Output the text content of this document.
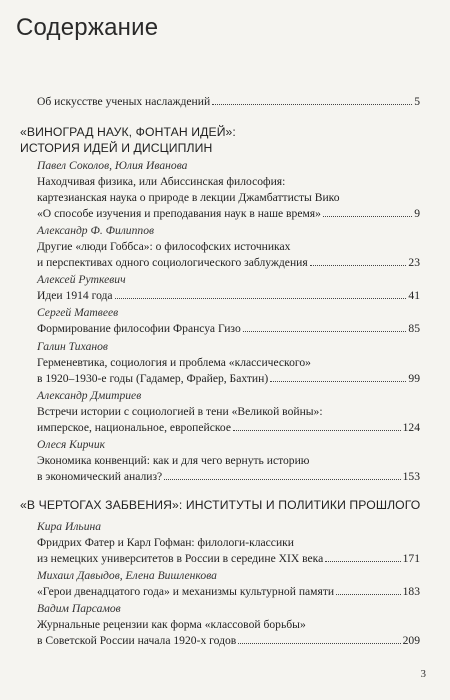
Содержание
Об искусстве ученых наслаждений	5
«ВИНОГРАД НАУК, ФОНТАН ИДЕЙ»:
ИСТОРИЯ ИДЕЙ И ДИСЦИПЛИН
Павел Соколов, Юлия Иванова
Находчивая физика, или Абиссинская философия:
картезианская наука о природе в лекции Джамбаттисты Вико
«О способе изучения и преподавания наук в наше время»	9
Александр Ф. Филиппов
Другие «люди Гоббса»: о философских источниках
и перспективах одного социологического заблуждения	23
Алексей Руткевич
Идеи 1914 года	41
Сергей Матвеев
Формирование философии Франсуа Гизо	85
Галин Тиханов
Герменевтика, социология и проблема «классического»
в 1920–1930-е годы (Гадамер, Фрайер, Бахтин)	99
Александр Дмитриев
Встречи истории с социологией в тени «Великой войны»:
имперское, национальное, европейское	124
Олеся Кирчик
Экономика конвенций: как и для чего вернуть историю
в экономический анализ?	153
«В ЧЕРТОГАХ ЗАБВЕНИЯ»: ИНСТИТУТЫ И ПОЛИТИКИ ПРОШЛОГО
Кира Ильина
Фридрих Фатер и Карл Гофман: филологи-классики
из немецких университетов в России в середине XIX века	171
Михаил Давыдов, Елена Вишленкова
«Герои двенадцатого года» и механизмы культурной памяти	183
Вадим Парсамов
Журнальные рецензии как форма «классовой борьбы»
в Советской России начала 1920-х годов	209
3
